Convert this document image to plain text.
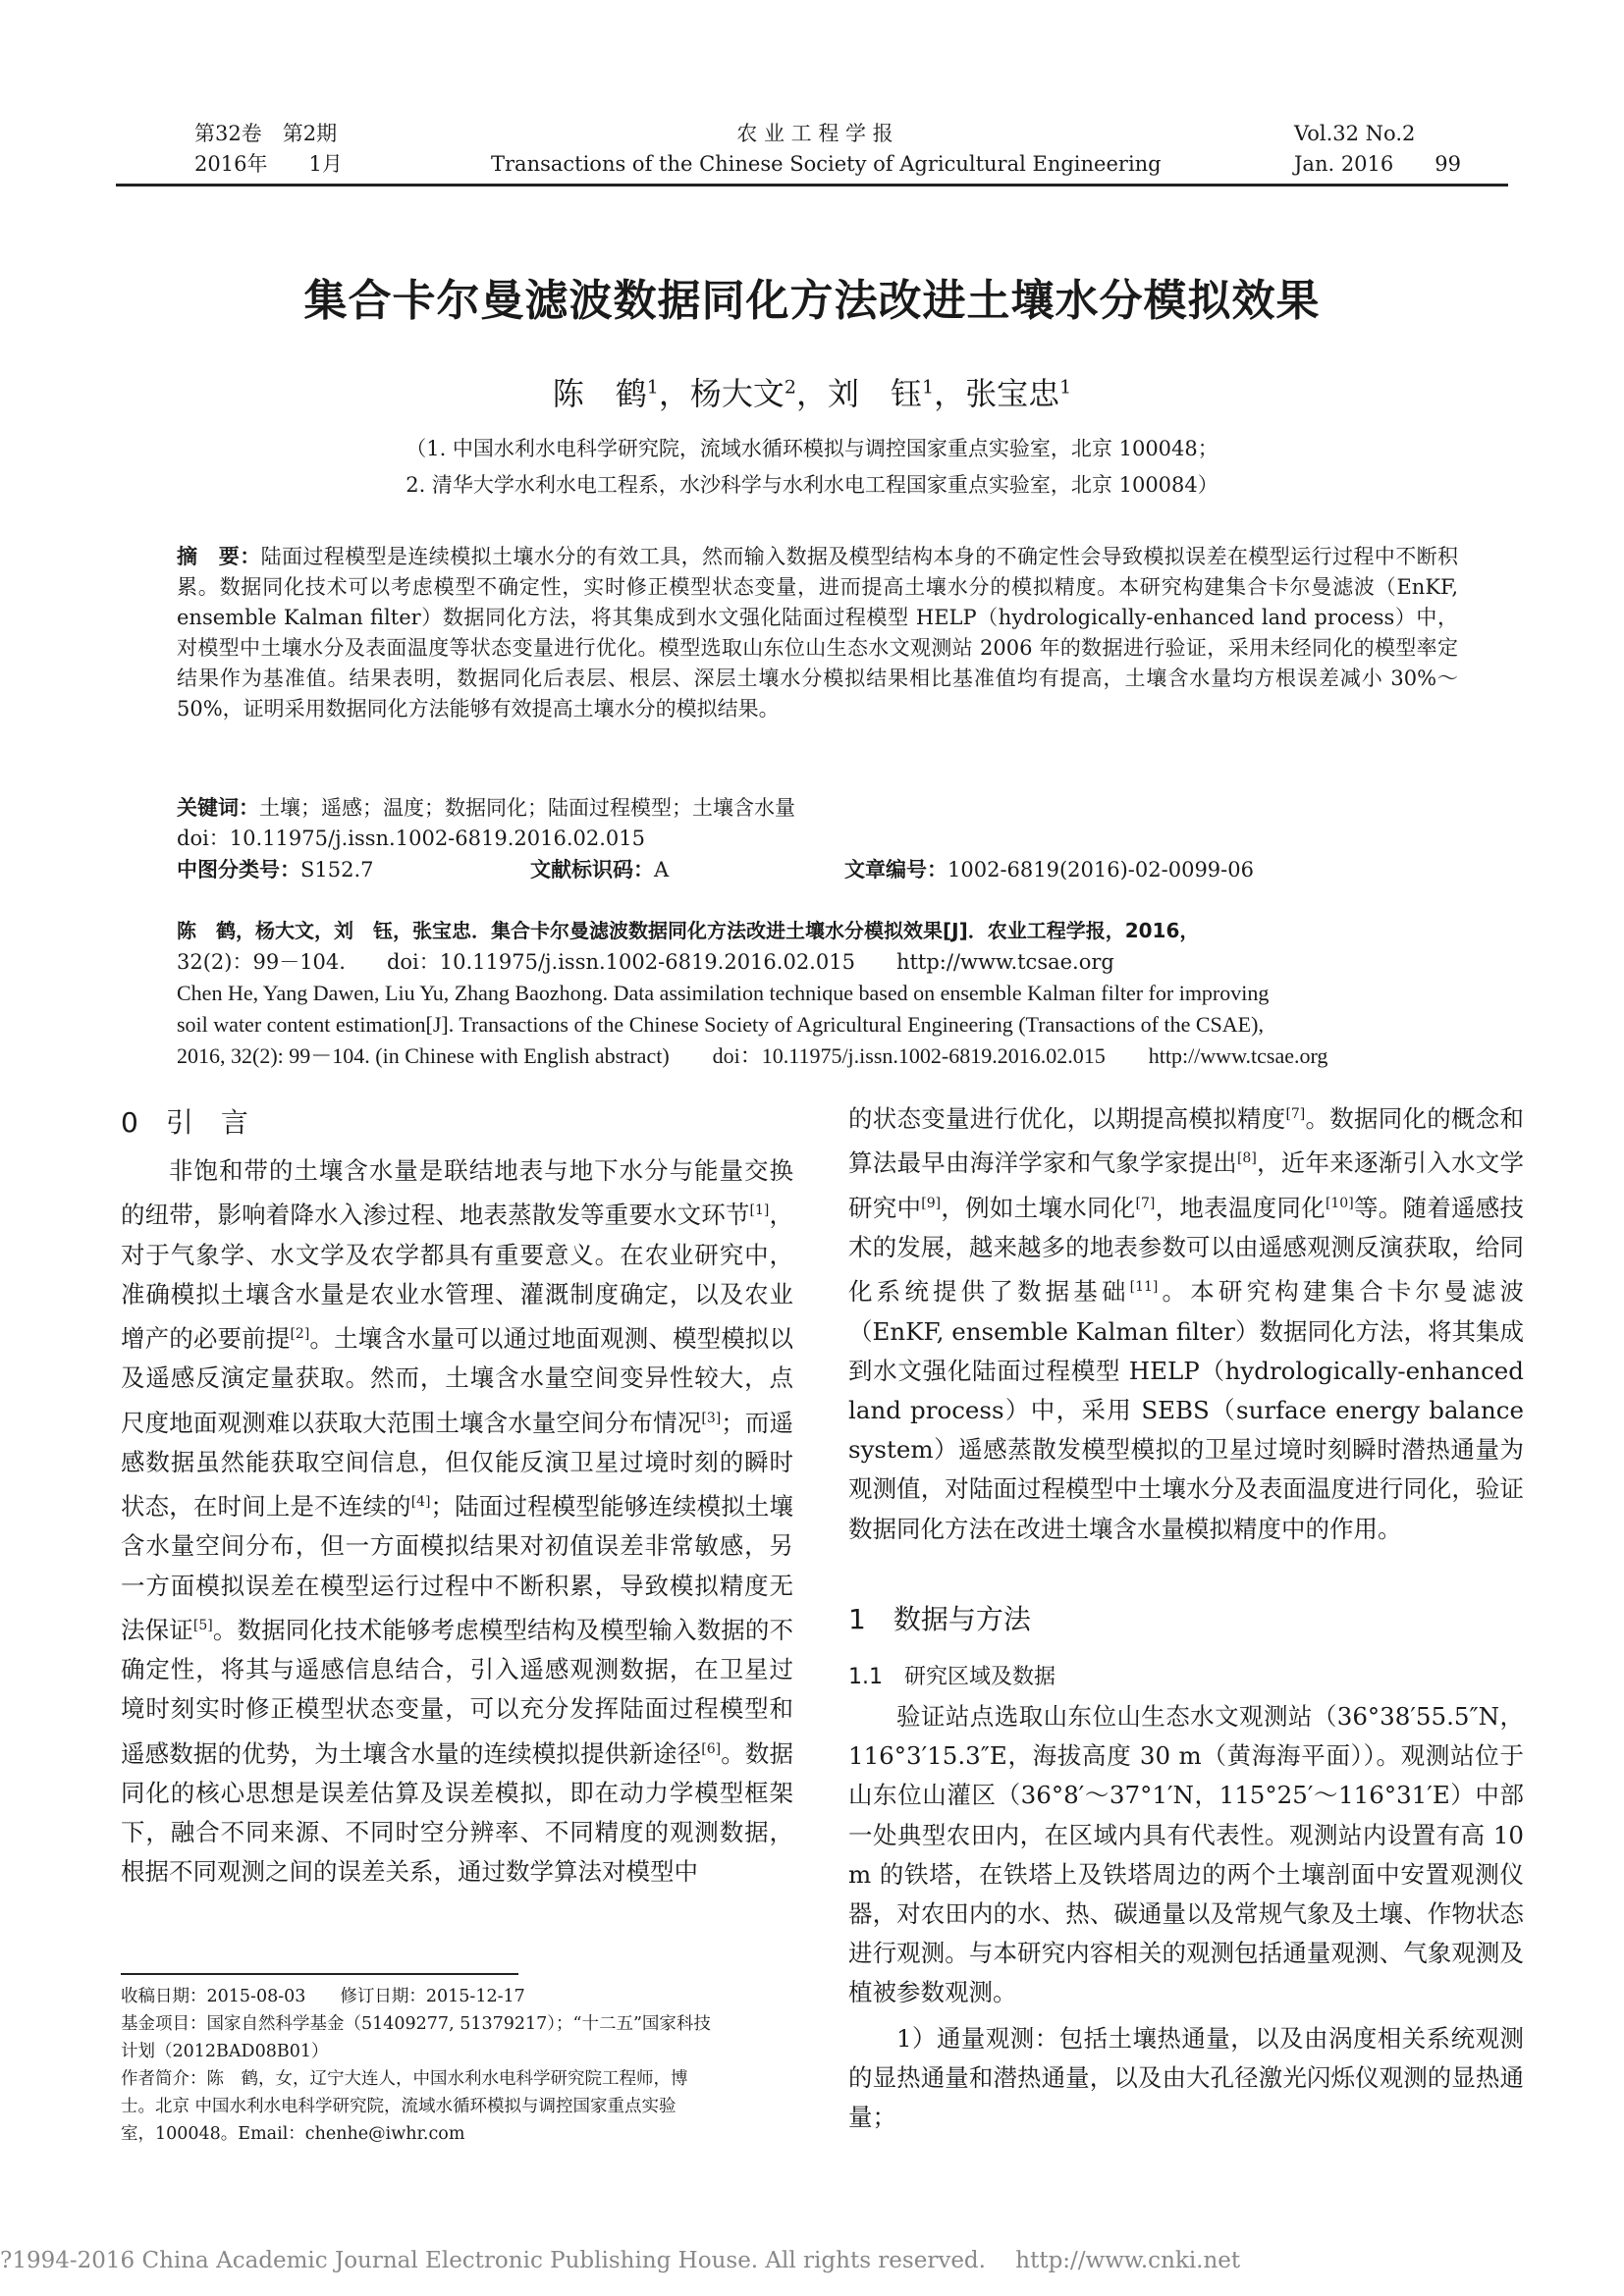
第32卷　 第2期
2016年　　 1月
农 业 工 程 学 报
Transactions of the Chinese Society of Agricultural Engineering
Vol.32 No.2
Jan. 2016　　 99
集合卡尔曼滤波数据同化方法改进土壤水分模拟效果
陈　鹤$^1$，杨大文$^2$，刘　钰$^1$，张宝忠$^1$
（1. 中国水利水电科学研究院，流域水循环模拟与调控国家重点实验室，北京 100048；
2. 清华大学水利水电工程系，水沙科学与水利水电工程国家重点实验室，北京 100084）
摘　要：陆面过程模型是连续模拟土壤水分的有效工具，然而输入数据及模型结构本身的不确定性会导致模拟误差在模型运行过程中不断积累。数据同化技术可以考虑模型不确定性，实时修正模型状态变量，进而提高土壤水分的模拟精度。本研究构建集合卡尔曼滤波（EnKF, ensemble Kalman filter）数据同化方法，将其集成到水文强化陆面过程模型 HELP（hydrologically-enhanced land process）中，对模型中土壤水分及表面温度等状态变量进行优化。模型选取山东位山生态水文观测站 2006 年的数据进行验证，采用未经同化的模型率定结果作为基准值。结果表明，数据同化后表层、根层、深层土壤水分模拟结果相比基准值均有提高，土壤含水量均方根误差减小 30%～50%，证明采用数据同化方法能够有效提高土壤水分的模拟结果。
关键词：土壤；遥感；温度；数据同化；陆面过程模型；土壤含水量
doi：10.11975/j.issn.1002-6819.2016.02.015
中图分类号：S152.7	文献标识码：A	文章编号：1002-6819(2016)-02-0099-06
陈　鹤，杨大文，刘　钰，张宝忠．集合卡尔曼滤波数据同化方法改进土壤水分模拟效果[J]．农业工程学报，2016，
32(2)：99－104.　　doi：10.11975/j.issn.1002-6819.2016.02.015　　http://www.tcsae.org
Chen He, Yang Dawen, Liu Yu, Zhang Baozhong. Data assimilation technique based on ensemble Kalman filter for improving
soil water content estimation[J]. Transactions of the Chinese Society of Agricultural Engineering (Transactions of the CSAE),
2016, 32(2): 99－104. (in Chinese with English abstract)　　doi：10.11975/j.issn.1002-6819.2016.02.015　　http://www.tcsae.org
0　引　言

非饱和带的土壤含水量是联结地表与地下水分与能量交换的纽带，影响着降水入渗过程、地表蒸散发等重要水文环节[1]，对于气象学、水文学及农学都具有重要意义。在农业研究中，准确模拟土壤含水量是农业水管理、灌溉制度确定，以及农业增产的必要前提[2]。土壤含水量可以通过地面观测、模型模拟以及遥感反演定量获取。然而，土壤含水量空间变异性较大，点尺度地面观测难以获取大范围土壤含水量空间分布情况[3]；而遥感数据虽然能获取空间信息，但仅能反演卫星过境时刻的瞬时状态，在时间上是不连续的[4]；陆面过程模型能够连续模拟土壤含水量空间分布，但一方面模拟结果对初值误差非常敏感，另一方面模拟误差在模型运行过程中不断积累，导致模拟精度无法保证[5]。数据同化技术能够考虑模型结构及模型输入数据的不确定性，将其与遥感信息结合，引入遥感观测数据，在卫星过境时刻实时修正模型状态变量，可以充分发挥陆面过程模型和遥感数据的优势，为土壤含水量的连续模拟提供新途径[6]。数据同化的核心思想是误差估算及误差模拟，即在动力学模型框架下，融合不同来源、不同时空分辨率、不同精度的观测数据，根据不同观测之间的误差关系，通过数学算法对模型中

收稿日期：2015-08-03　　修订日期：2015-12-17
基金项目：国家自然科学基金（51409277, 51379217）；“十二五”国家科技
计划（2012BAD08B01）
作者简介：陈　鹤，女，辽宁大连人，中国水利水电科学研究院工程师，博
士。北京 中国水利水电科学研究院，流域水循环模拟与调控国家重点实验
室，100048。Email：chenhe@iwhr.com

的状态变量进行优化，以期提高模拟精度[7]。数据同化的概念和算法最早由海洋学家和气象学家提出[8]，近年来逐渐引入水文学研究中[9]，例如土壤水同化[7]，地表温度同化[10]等。随着遥感技术的发展，越来越多的地表参数可以由遥感观测反演获取，给同化系统提供了数据基础[11]。本研究构建集合卡尔曼滤波（EnKF, ensemble Kalman filter）数据同化方法，将其集成到水文强化陆面过程模型 HELP（hydrologically-enhanced land process）中，采用 SEBS（surface energy balance system）遥感蒸散发模型模拟的卫星过境时刻瞬时潜热通量为观测值，对陆面过程模型中土壤水分及表面温度进行同化，验证数据同化方法在改进土壤含水量模拟精度中的作用。

1　数据与方法
1.1　研究区域及数据

验证站点选取山东位山生态水文观测站（36°38′55.5″N，116°3′15.3″E，海拔高度 30 m（黄海海平面））。观测站位于山东位山灌区（36°8′～37°1′N，115°25′～116°31′E）中部一处典型农田内，在区域内具有代表性。观测站内设置有高 10 m 的铁塔，在铁塔上及铁塔周边的两个土壤剖面中安置观测仪器，对农田内的水、热、碳通量以及常规气象及土壤、作物状态进行观测。与本研究内容相关的观测包括通量观测、气象观测及植被参数观测。

1）通量观测：包括土壤热通量，以及由涡度相关系统观测的显热通量和潜热通量，以及由大孔径激光闪烁仪观测的显热通量；

?1994-2016 China Academic Journal Electronic Publishing House. All rights reserved.　 http://www.cnki.net
